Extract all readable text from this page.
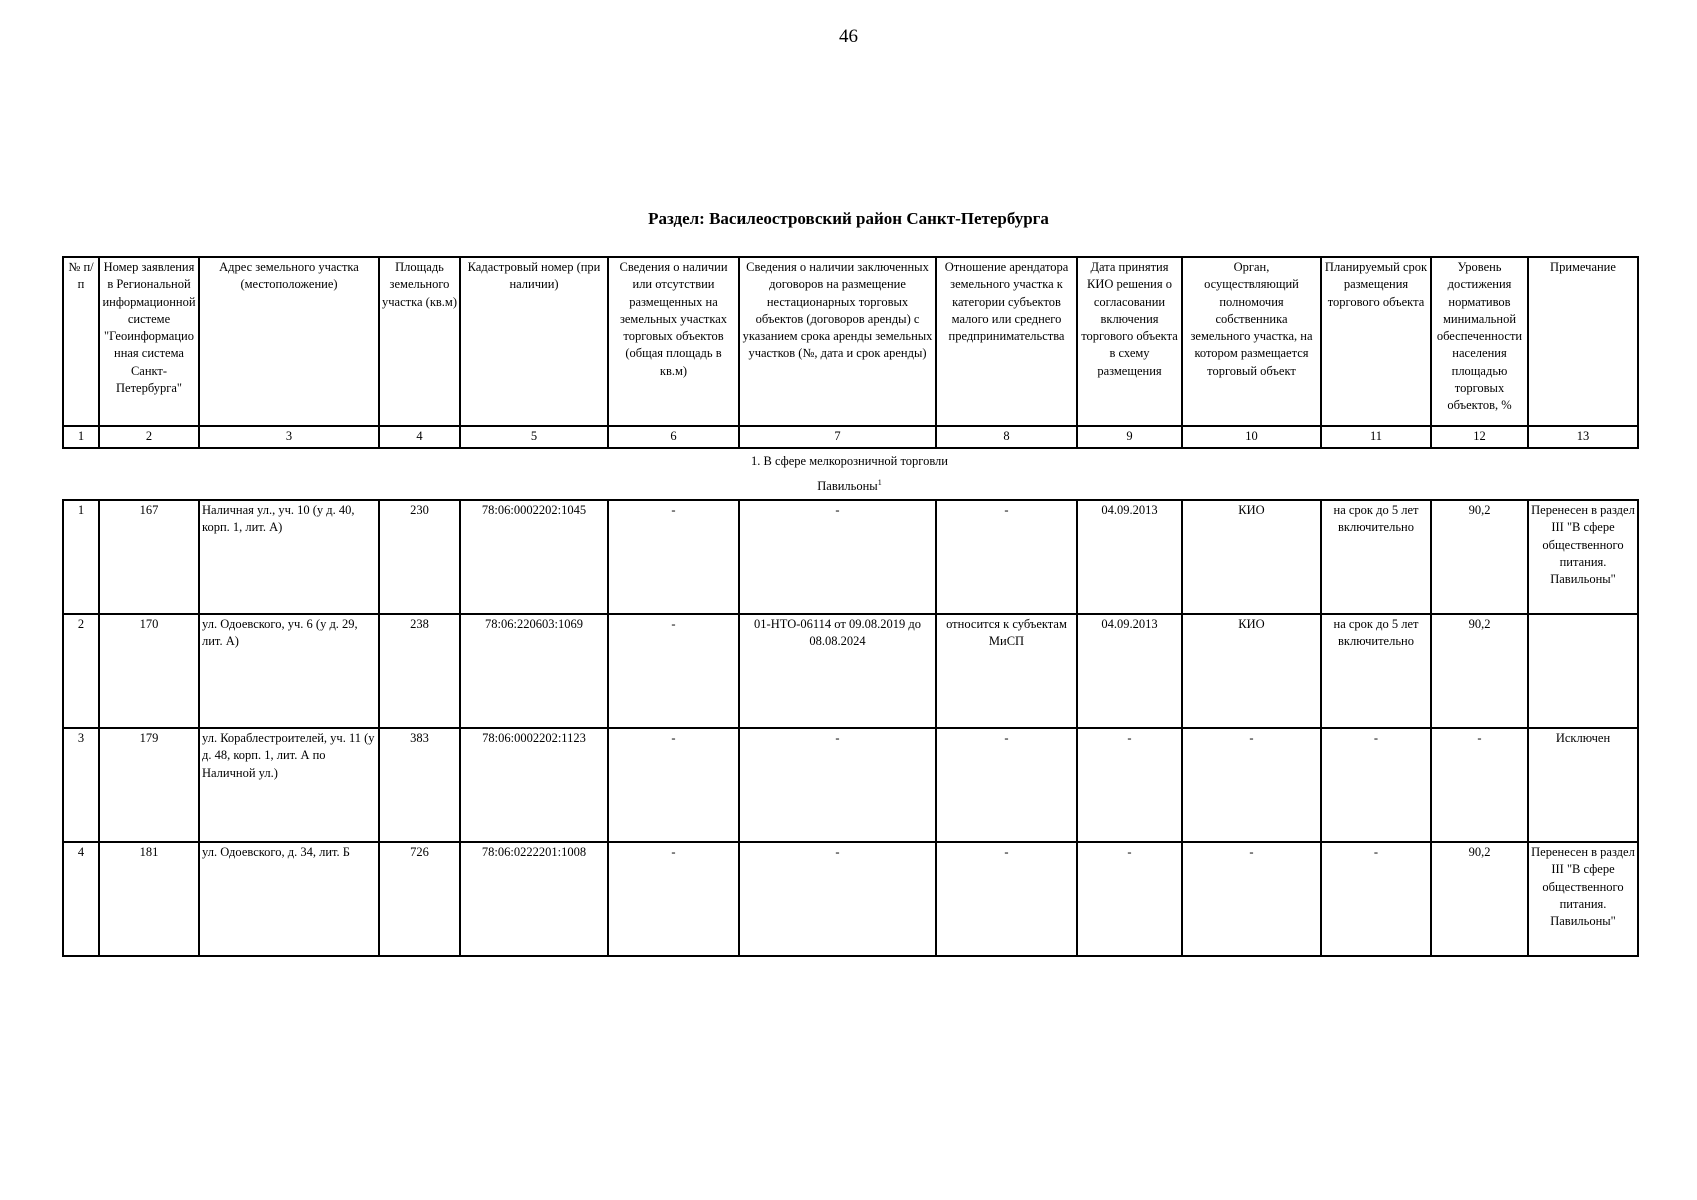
46
Раздел: Василеостровский район Санкт-Петербурга
№ п/п	Номер заявления в Региональной информационной системе "Геоинформационная система Санкт-Петербурга"	Адрес земельного участка (местоположение)	Площадь земельного участка (кв.м)	Кадастровый номер (при наличии)	Сведения о наличии или отсутствии размещенных на земельных участках торговых объектов (общая площадь в кв.м)	Сведения о наличии заключенных договоров на размещение нестационарных торговых объектов (договоров аренды) с указанием срока аренды земельных участков (№, дата и срок аренды)	Отношение арендатора земельного участка к категории субъектов малого или среднего предпринимательства	Дата принятия КИО решения о согласовании включения торгового объекта в схему размещения	Орган, осуществляющий полномочия собственника земельного участка, на котором размещается торговый объект	Планируемый срок размещения торгового объекта	Уровень достижения нормативов минимальной обеспеченности населения площадью торговых объектов, %	Примечание
1	2	3	4	5	6	7	8	9	10	11	12	13
1. В сфере мелкорозничной торговли
Павильоны$^1$
1	167	Наличная ул., уч. 10 (у д. 40, корп. 1, лит. А)	230	78:06:0002202:1045	-	-	-	04.09.2013	КИО	на срок до 5 лет включительно	90,2	Перенесен в раздел III "В сфере общественного питания. Павильоны"
2	170	ул. Одоевского, уч. 6 (у д. 29, лит. А)	238	78:06:220603:1069	-	01-НТО-06114 от 09.08.2019 до 08.08.2024	относится к субъектам МиСП	04.09.2013	КИО	на срок до 5 лет включительно	90,2	
3	179	ул. Кораблестроителей, уч. 11 (у д. 48, корп. 1, лит. А по Наличной ул.)	383	78:06:0002202:1123	-	-	-	-	-	-	-	Исключен
4	181	ул. Одоевского, д. 34, лит. Б	726	78:06:0222201:1008	-	-	-	-	-	-	90,2	Перенесен в раздел III "В сфере общественного питания. Павильоны"
